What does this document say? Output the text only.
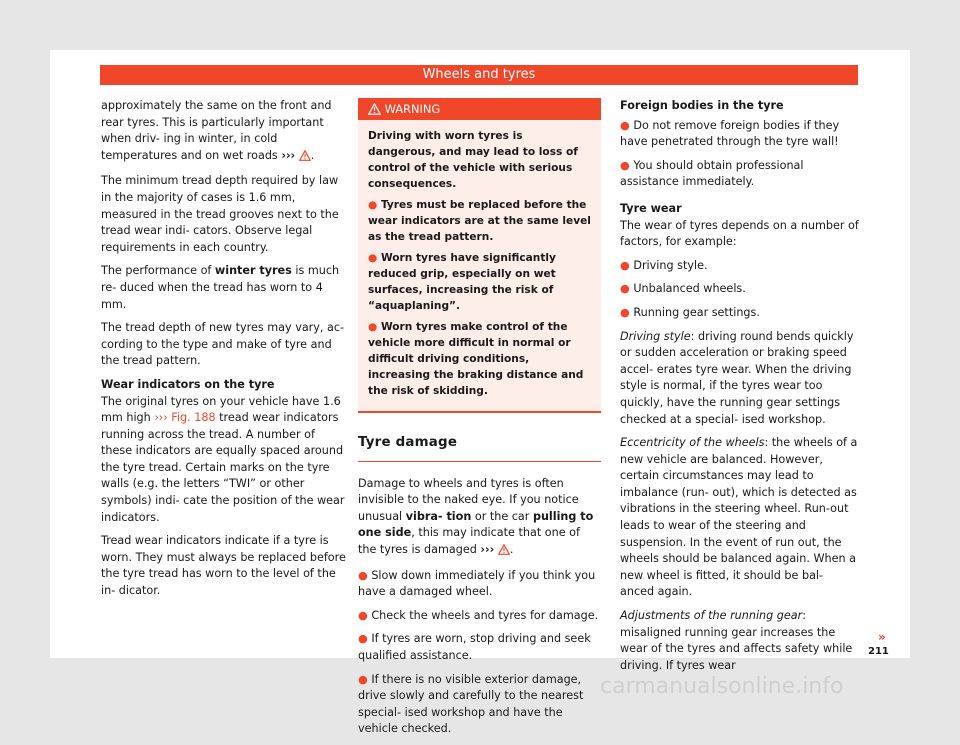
Wheels and tyres

approximately the same on the front and rear tyres. This is particularly important when driv- ing in winter, in cold temperatures and on wet roads ››› .

The minimum tread depth required by law in the majority of cases is 1.6 mm, measured in the tread grooves next to the tread wear indi- cators. Observe legal requirements in each country.

The performance of winter tyres is much re- duced when the tread has worn to 4 mm.

The tread depth of new tyres may vary, ac- cording to the type and make of tyre and the tread pattern.

Wear indicators on the tyre

The original tyres on your vehicle have 1.6 mm high ››› Fig. 188 tread wear indicators running across the tread. A number of these indicators are equally spaced around the tyre tread. Certain marks on the tyre walls (e.g. the letters “TWI” or other symbols) indi- cate the position of the wear indicators.

Tread wear indicators indicate if a tyre is worn. They must always be replaced before the tyre tread has worn to the level of the in- dicator.

WARNING

Driving with worn tyres is dangerous, and may lead to loss of control of the vehicle with serious consequences.

● Tyres must be replaced before the wear indicators are at the same level as the tread pattern.

● Worn tyres have significantly reduced grip, especially on wet surfaces, increasing the risk of “aquaplaning”.

● Worn tyres make control of the vehicle more difficult in normal or difficult driving conditions, increasing the braking distance and the risk of skidding.

Tyre damage

Damage to wheels and tyres is often invisible to the naked eye. If you notice unusual vibra- tion or the car pulling to one side, this may indicate that one of the tyres is damaged ››› .

● Slow down immediately if you think you have a damaged wheel.

● Check the wheels and tyres for damage.

● If tyres are worn, stop driving and seek qualified assistance.

● If there is no visible exterior damage, drive slowly and carefully to the nearest special- ised workshop and have the vehicle checked.

Foreign bodies in the tyre

● Do not remove foreign bodies if they have penetrated through the tyre wall!

● You should obtain professional assistance immediately.

Tyre wear

The wear of tyres depends on a number of factors, for example:

● Driving style.

● Unbalanced wheels.

● Running gear settings.

Driving style: driving round bends quickly or sudden acceleration or braking speed accel- erates tyre wear. When the driving style is normal, if the tyres wear too quickly, have the running gear settings checked at a special- ised workshop.

Eccentricity of the wheels: the wheels of a new vehicle are balanced. However, certain circumstances may lead to imbalance (run- out), which is detected as vibrations in the steering wheel. Run-out leads to wear of the steering and suspension. In the event of run out, the wheels should be balanced again. When a new wheel is fitted, it should be bal- anced again.

Adjustments of the running gear: misaligned running gear increases the wear of the tyres and affects safety while driving. If tyres wear

»
211
carmanualsonline.info
